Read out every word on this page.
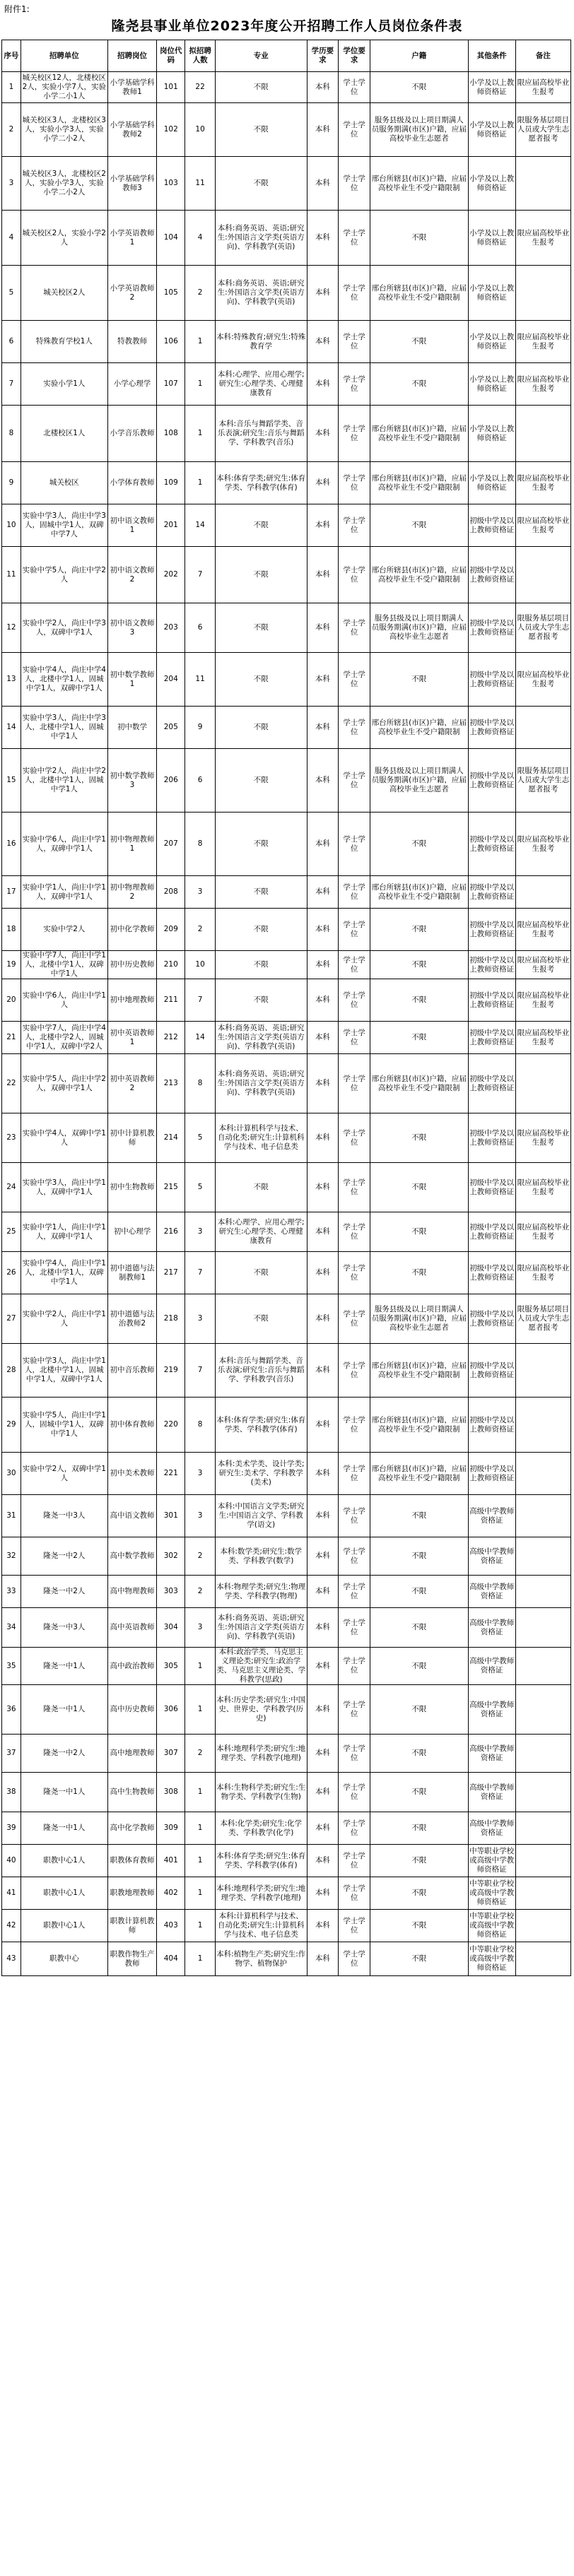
附件1:
隆尧县事业单位2023年度公开招聘工作人员岗位条件表
序号	招聘单位	招聘岗位	岗位代码	拟招聘人数	专业	学历要求	学位要求	户籍	其他条件	备注
1	城关校区12人，北楼校区2人，实验小学7人，实验小学二小1人	小学基础学科教师1	101	22	不限	本科	学士学位	不限	小学及以上教师资格证	限应届高校毕业生报考
2	城关校区3人，北楼校区3人，实验小学3人，实验小学二小2人	小学基础学科教师2	102	10	不限	本科	学士学位	服务县级及以上项目期满人员服务期满(市区)户籍，应届高校毕业生志愿者	小学及以上教师资格证	限服务基层项目人员或大学生志愿者报考
3	城关校区3人，北楼校区2人，实验小学3人，实验小学二小2人	小学基础学科教师3	103	11	不限	本科	学士学位	邢台所辖县(市区)户籍，应届高校毕业生不受户籍限制	小学及以上教师资格证	
4	城关校区2人，实验小学2人	小学英语教师1	104	4	本科:商务英语、英语;研究生:外国语言文学类(英语方向)、学科教学(英语)	本科	学士学位	不限	小学及以上教师资格证	限应届高校毕业生报考
5	城关校区2人	小学英语教师2	105	2	本科:商务英语、英语;研究生:外国语言文学类(英语方向)、学科教学(英语)	本科	学士学位	邢台所辖县(市区)户籍，应届高校毕业生不受户籍限制	小学及以上教师资格证	
6	特殊教育学校1人	特教教师	106	1	本科:特殊教育;研究生:特殊教育学	本科	学士学位	不限	小学及以上教师资格证	限应届高校毕业生报考
7	实验小学1人	小学心理学	107	1	本科:心理学、应用心理学;研究生:心理学类、心理健康教育	本科	学士学位	不限	小学及以上教师资格证	限应届高校毕业生报考
8	北楼校区1人	小学音乐教师	108	1	本科:音乐与舞蹈学类、音乐表演;研究生:音乐与舞蹈学、学科教学(音乐)	本科	学士学位	邢台所辖县(市区)户籍，应届高校毕业生不受户籍限制	小学及以上教师资格证	
9	城关校区	小学体育教师	109	1	本科:体育学类;研究生:体育学类、学科教学(体育)	本科	学士学位	邢台所辖县(市区)户籍，应届高校毕业生不受户籍限制	小学及以上教师资格证	限应届高校毕业生报考
10	实验中学3人，尚庄中学3人，固城中学1人，双碑中学7人	初中语文教师1	201	14	不限	本科	学士学位	不限	初级中学及以上教师资格证	限应届高校毕业生报考
11	实验中学5人，尚庄中学2人	初中语文教师2	202	7	不限	本科	学士学位	邢台所辖县(市区)户籍，应届高校毕业生不受户籍限制	初级中学及以上教师资格证	
12	实验中学2人，尚庄中学3人，双碑中学1人	初中语文教师3	203	6	不限	本科	学士学位	服务县级及以上项目期满人员服务期满(市区)户籍，应届高校毕业生志愿者	初级中学及以上教师资格证	限服务基层项目人员或大学生志愿者报考
13	实验中学4人，尚庄中学4人，北楼中学1人，固城中学1人，双碑中学1人	初中数学教师1	204	11	不限	本科	学士学位	不限	初级中学及以上教师资格证	限应届高校毕业生报考
14	实验中学3人，尚庄中学3人，北楼中学1人，固城中学1人	初中数学	205	9	不限	本科	学士学位	邢台所辖县(市区)户籍，应届高校毕业生不受户籍限制	初级中学及以上教师资格证	
15	实验中学2人，尚庄中学2人，北楼中学1人，固城中学1人	初中数学教师3	206	6	不限	本科	学士学位	服务县级及以上项目期满人员服务期满(市区)户籍，应届高校毕业生志愿者	初级中学及以上教师资格证	限服务基层项目人员或大学生志愿者报考
16	实验中学6人，尚庄中学1人，双碑中学1人	初中物理教师1	207	8	不限	本科	学士学位	不限	初级中学及以上教师资格证	限应届高校毕业生报考
17	实验中学1人，尚庄中学1人，双碑中学1人	初中物理教师2	208	3	不限	本科	学士学位	邢台所辖县(市区)户籍，应届高校毕业生不受户籍限制	初级中学及以上教师资格证	
18	实验中学2人	初中化学教师	209	2	不限	本科	学士学位	不限	初级中学及以上教师资格证	限应届高校毕业生报考
19	实验中学7人，尚庄中学1人，北楼中学1人，双碑中学1人	初中历史教师	210	10	不限	本科	学士学位	不限	初级中学及以上教师资格证	限应届高校毕业生报考
20	实验中学6人，尚庄中学1人	初中地理教师	211	7	不限	本科	学士学位	不限	初级中学及以上教师资格证	限应届高校毕业生报考
21	实验中学7人，尚庄中学4人，北楼中学2人，固城中学1人，双碑中学2人	初中英语教师1	212	14	本科:商务英语、英语;研究生:外国语言文学类(英语方向)、学科教学(英语)	本科	学士学位	不限	初级中学及以上教师资格证	限应届高校毕业生报考
22	实验中学5人，尚庄中学2人，双碑中学1人	初中英语教师2	213	8	本科:商务英语、英语;研究生:外国语言文学类(英语方向)、学科教学(英语)	本科	学士学位	邢台所辖县(市区)户籍，应届高校毕业生不受户籍限制	初级中学及以上教师资格证	
23	实验中学4人，双碑中学1人	初中计算机教师	214	5	本科:计算机科学与技术、自动化类;研究生:计算机科学与技术、电子信息类	本科	学士学位	不限	初级中学及以上教师资格证	限应届高校毕业生报考
24	实验中学3人，尚庄中学1人，双碑中学1人	初中生物教师	215	5	不限	本科	学士学位	不限	初级中学及以上教师资格证	限应届高校毕业生报考
25	实验中学1人，尚庄中学1人，双碑中学1人	初中心理学	216	3	本科:心理学、应用心理学;研究生:心理学类、心理健康教育	本科	学士学位	不限	初级中学及以上教师资格证	限应届高校毕业生报考
26	实验中学4人，尚庄中学1人，北楼中学1人，双碑中学1人	初中道德与法制教师1	217	7	不限	本科	学士学位	不限	初级中学及以上教师资格证	限应届高校毕业生报考
27	实验中学2人，尚庄中学1人	初中道德与法治教师2	218	3	不限	本科	学士学位	服务县级及以上项目期满人员服务期满(市区)户籍，应届高校毕业生志愿者	初级中学及以上教师资格证	限服务基层项目人员或大学生志愿者报考
28	实验中学3人，尚庄中学1人，北楼中学1人，固城中学1人，双碑中学1人	初中音乐教师	219	7	本科:音乐与舞蹈学类、音乐表演;研究生:音乐与舞蹈学、学科教学(音乐)	本科	学士学位	邢台所辖县(市区)户籍，应届高校毕业生不受户籍限制	初级中学及以上教师资格证	
29	实验中学5人，尚庄中学1人，固城中学1人，双碑中学1人	初中体育教师	220	8	本科:体育学类;研究生:体育学类、学科教学(体育)	本科	学士学位	邢台所辖县(市区)户籍，应届高校毕业生不受户籍限制	初级中学及以上教师资格证	
30	实验中学2人，双碑中学1人	初中美术教师	221	3	本科:美术学类、设计学类;研究生:美术学、学科教学(美术)	本科	学士学位	邢台所辖县(市区)户籍，应届高校毕业生不受户籍限制	初级中学及以上教师资格证	
31	隆尧一中3人	高中语文教师	301	3	本科:中国语言文学类;研究生:中国语言文学、学科教学(语文)	本科	学士学位	不限	高级中学教师资格证	
32	隆尧一中2人	高中数学教师	302	2	本科:数学类;研究生:数学类、学科教学(数学)	本科	学士学位	不限	高级中学教师资格证	
33	隆尧一中2人	高中物理教师	303	2	本科:物理学类;研究生:物理学类、学科教学(物理)	本科	学士学位	不限	高级中学教师资格证	
34	隆尧一中3人	高中英语教师	304	3	本科:商务英语、英语;研究生:外国语言文学类(英语方向)、学科教学(英语)	本科	学士学位	不限	高级中学教师资格证	
35	隆尧一中1人	高中政治教师	305	1	本科:政治学类、马克思主义理论类;研究生:政治学类、马克思主义理论类、学科教学(思政)	本科	学士学位	不限	高级中学教师资格证	
36	隆尧一中1人	高中历史教师	306	1	本科:历史学类;研究生:中国史、世界史、学科教学(历史)	本科	学士学位	不限	高级中学教师资格证	
37	隆尧一中2人	高中地理教师	307	2	本科:地理科学类;研究生:地理学类、学科教学(地理)	本科	学士学位	不限	高级中学教师资格证	
38	隆尧一中1人	高中生物教师	308	1	本科:生物科学类;研究生:生物学类、学科教学(生物)	本科	学士学位	不限	高级中学教师资格证	
39	隆尧一中1人	高中化学教师	309	1	本科:化学类;研究生:化学类、学科教学(化学)	本科	学士学位	不限	高级中学教师资格证	
40	职教中心1人	职教体育教师	401	1	本科:体育学类;研究生:体育学类、学科教学(体育)	本科	学士学位	不限	中等职业学校或高级中学教师资格证	
41	职教中心1人	职教地理教师	402	1	本科:地理科学类;研究生:地理学类、学科教学(地理)	本科	学士学位	不限	中等职业学校或高级中学教师资格证	
42	职教中心1人	职教计算机教师	403	1	本科:计算机科学与技术、自动化类;研究生:计算机科学与技术、电子信息类	本科	学士学位	不限	中等职业学校或高级中学教师资格证	
43	职教中心	职教作物生产教师	404	1	本科:植物生产类;研究生:作物学、植物保护	本科	学士学位	不限	中等职业学校或高级中学教师资格证	
